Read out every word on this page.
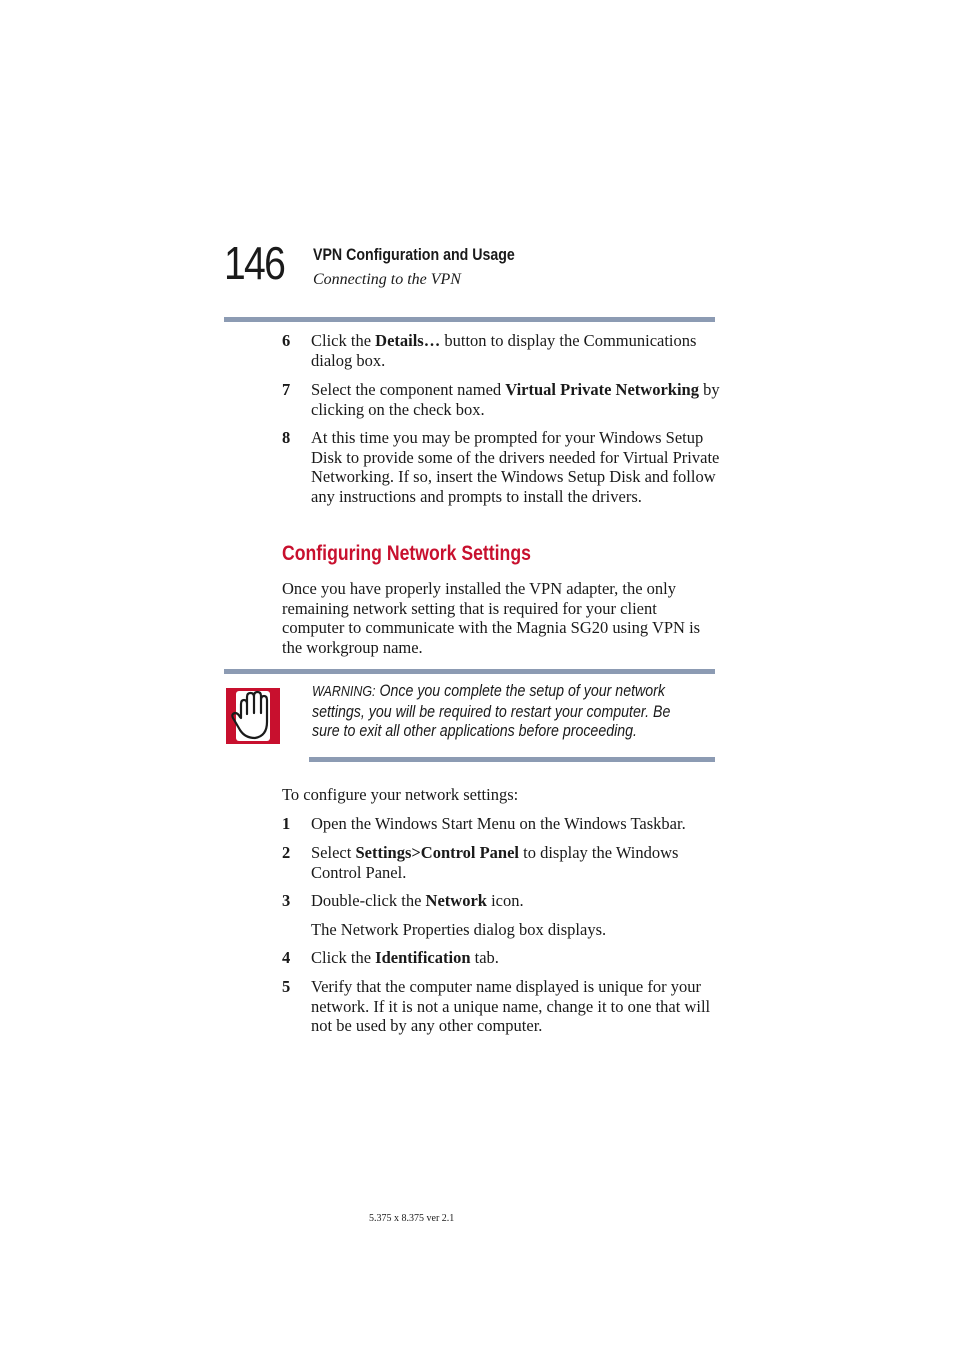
146 VPN Configuration and Usage
Connecting to the VPN
6 Click the Details… button to display the Communications dialog box.
7 Select the component named Virtual Private Networking by clicking on the check box.
8 At this time you may be prompted for your Windows Setup Disk to provide some of the drivers needed for Virtual Private Networking. If so, insert the Windows Setup Disk and follow any instructions and prompts to install the drivers.
Configuring Network Settings
Once you have properly installed the VPN adapter, the only remaining network setting that is required for your client computer to communicate with the Magnia SG20 using VPN is the workgroup name.
WARNING: Once you complete the setup of your network settings, you will be required to restart your computer. Be sure to exit all other applications before proceeding.
To configure your network settings:
1 Open the Windows Start Menu on the Windows Taskbar.
2 Select Settings>Control Panel to display the Windows Control Panel.
3 Double-click the Network icon.
The Network Properties dialog box displays.
4 Click the Identification tab.
5 Verify that the computer name displayed is unique for your network. If it is not a unique name, change it to one that will not be used by any other computer.
5.375 x 8.375 ver 2.1
